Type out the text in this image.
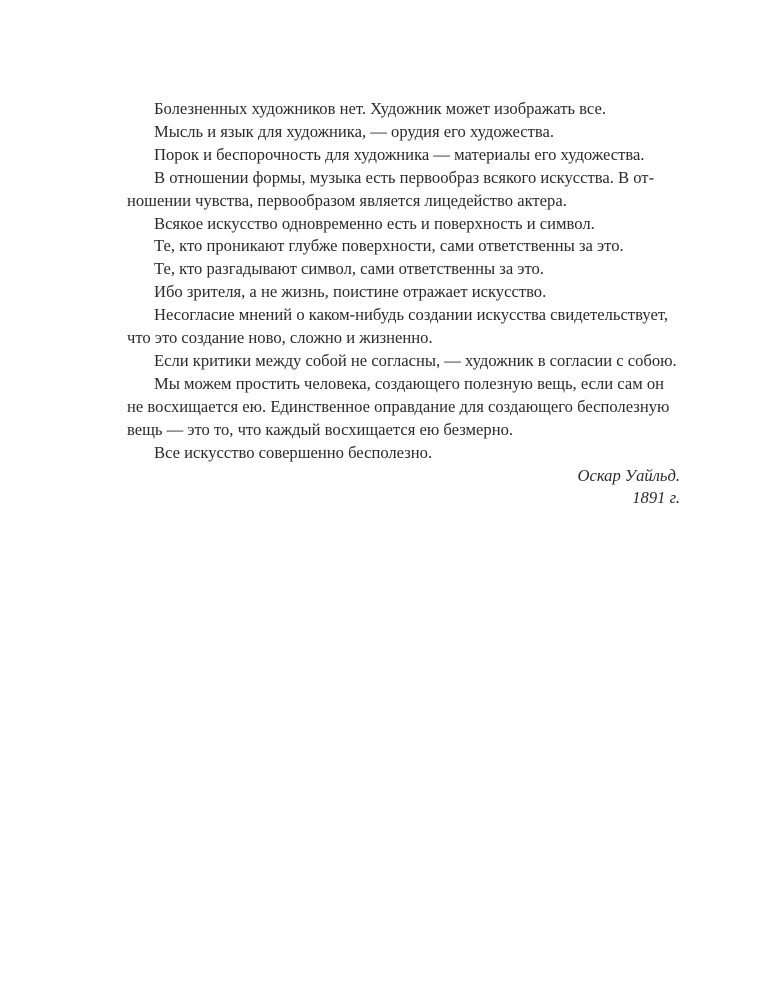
Болезненных художников нет. Художник может изображать все.

Мысль и язык для художника, — орудия его художества.

Порок и беспорочность для художника — материалы его художества.

В отношении формы, музыка есть первообраз всякого искусства. В от-
ношении чувства, первообразом является лицедейство актера.

Всякое искусство одновременно есть и поверхность и символ.

Те, кто проникают глубже поверхности, сами ответственны за это.

Те, кто разгадывают символ, сами ответственны за это.

Ибо зрителя, а не жизнь, поистине отражает искусство.

Несогласие мнений о каком-нибудь создании искусства свидетельствует,
что это создание ново, сложно и жизненно.

Если критики между собой не согласны, — художник в согласии с собою.

Мы можем простить человека, создающего полезную вещь, если сам он
не восхищается ею. Единственное оправдание для создающего бесполезную
вещь — это то, что каждый восхищается ею безмерно.

Все искусство совершенно бесполезно.

Оскар Уайльд.

1891 г.
